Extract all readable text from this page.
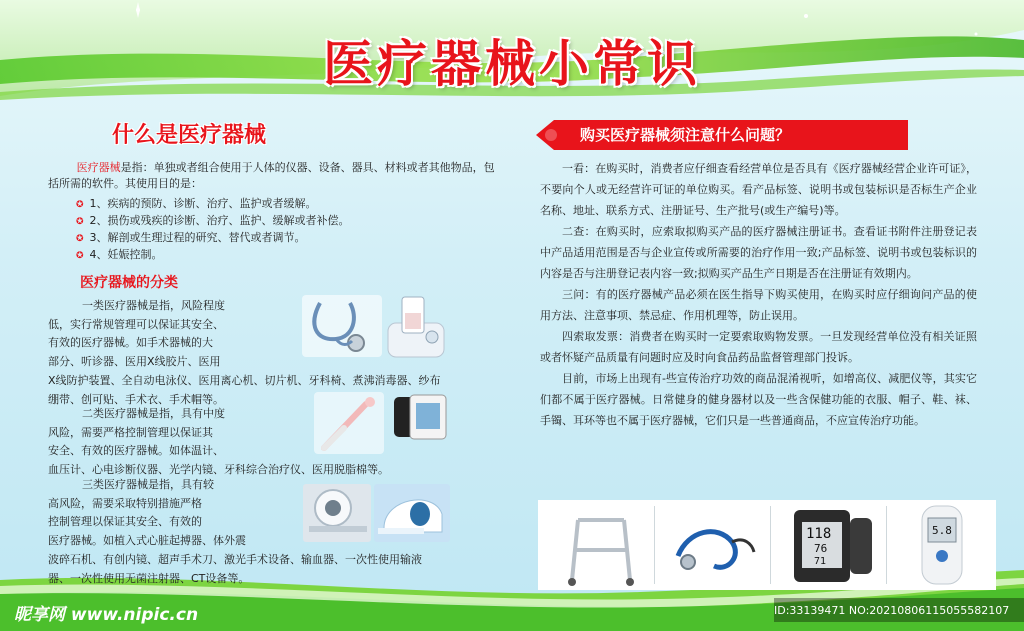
医疗器械小常识
什么是医疗器械
医疗器械是指：单独或者组合使用于人体的仪器、设备、器具、材料或者其他物品，包括所需的软件。其使用目的是：
✪ 1、疾病的预防、诊断、治疗、监护或者缓解。
✪ 2、损伤或残疾的诊断、治疗、监护、缓解或者补偿。
✪ 3、解剖或生理过程的研究、替代或者调节。
✪ 4、妊娠控制。
医疗器械的分类
一类医疗器械是指，风险程度
低，实行常规管理可以保证其安全、
有效的医疗器械。如手术器械的大
部分、听诊器、医用X线胶片、医用
X线防护装置、全自动电泳仪、医用离心机、切片机、牙科椅、煮沸消毒器、纱布
绷带、创可贴、手术衣、手术帽等。
二类医疗器械是指，具有中度
风险，需要严格控制管理以保证其
安全、有效的医疗器械。如体温计、
血压计、心电诊断仪器、光学内镜、牙科综合治疗仪、医用脱脂棉等。
三类医疗器械是指，具有较
高风险，需要采取特别措施严格
控制管理以保证其安全、有效的
医疗器械。如植入式心脏起搏器、体外震
波碎石机、有创内镜、超声手术刀、激光手术设备、输血器、一次性使用输液
器、一次性使用无菌注射器、CT设备等。
购买医疗器械须注意什么问题？

一看：在购买时，消费者应仔细查看经营单位是否具有《医疗器械经营企业许可证》，不要向个人或无经营许可证的单位购买。看产品标签、说明书或包装标识是否标生产企业名称、地址、联系方式、注册证号、生产批号(或生产编号)等。

二查：在购买时，应索取拟购买产品的医疗器械注册证书。查看证书附件注册登记表中产品适用范围是否与企业宣传或所需要的治疗作用一致;产品标签、说明书或包装标识的内容是否与注册登记表内容一致;拟购买产品生产日期是否在注册证有效期内。

三问：有的医疗器械产品必须在医生指导下购买使用，在购买时应仔细询问产品的使用方法、注意事项、禁忌症、作用机理等，防止误用。

四索取发票：消费者在购买时一定要索取购物发票。一旦发现经营单位没有相关证照或者怀疑产品质量有问题时应及时向食品药品监督管理部门投诉。

目前，市场上出现有-些宣传治疗功效的商品混淆视听，如增高仪、减肥仪等，其实它们都不属于医疗器械。日常健身的健身器材以及一些含保健功能的衣服、帽子、鞋、袜、手镯、耳环等也不属于医疗器械，它们只是一些普通商品，不应宣传治疗功能。

118
76
71
5.8
昵享网 www.nipic.cn	ID:33139471 NO:20210806115055582107
